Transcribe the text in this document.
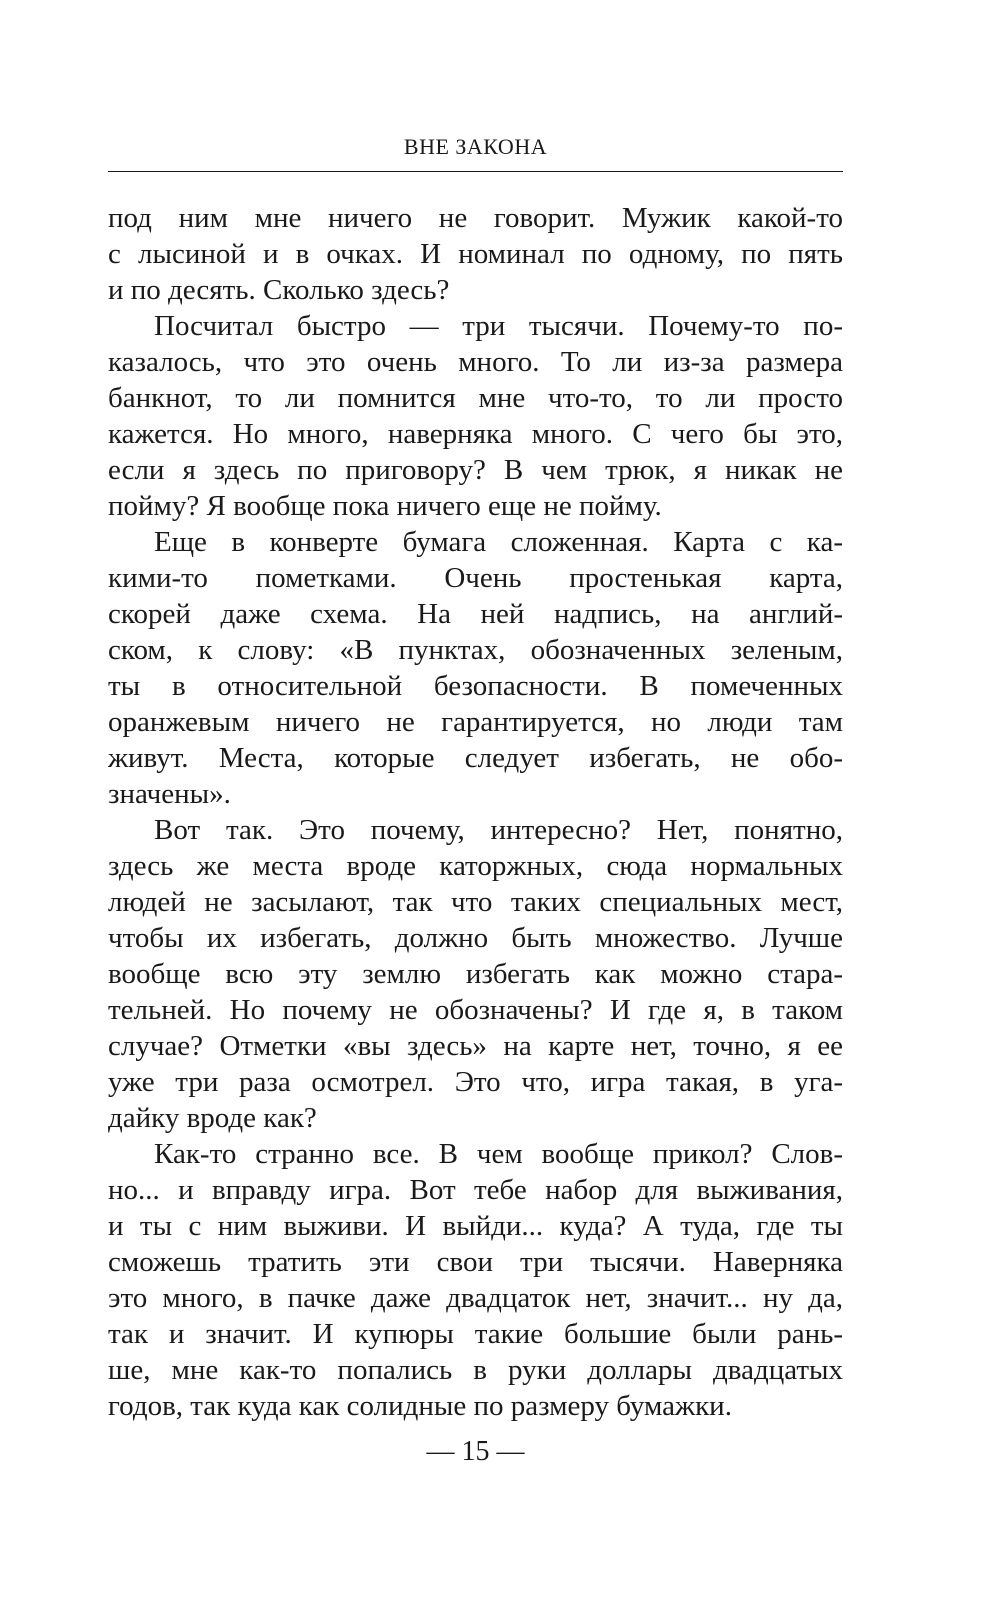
ВНЕ ЗАКОНА
под ним мне ничего не говорит. Мужик какой-то
с лысиной и в очках. И номинал по одному, по пять
и по десять. Сколько здесь?
Посчитал быстро — три тысячи. Почему-то по-
казалось, что это очень много. То ли из-за размера
банкнот, то ли помнится мне что-то, то ли просто
кажется. Но много, наверняка много. С чего бы это,
если я здесь по приговору? В чем трюк, я никак не
пойму? Я вообще пока ничего еще не пойму.
Еще в конверте бумага сложенная. Карта с ка-
кими-то пометками. Очень простенькая карта,
скорей даже схема. На ней надпись, на англий-
ском, к слову: «В пунктах, обозначенных зеленым,
ты в относительной безопасности. В помеченных
оранжевым ничего не гарантируется, но люди там
живут. Места, которые следует избегать, не обо-
значены».
Вот так. Это почему, интересно? Нет, понятно,
здесь же места вроде каторжных, сюда нормальных
людей не засылают, так что таких специальных мест,
чтобы их избегать, должно быть множество. Лучше
вообще всю эту землю избегать как можно стара-
тельней. Но почему не обозначены? И где я, в таком
случае? Отметки «вы здесь» на карте нет, точно, я ее
уже три раза осмотрел. Это что, игра такая, в уга-
дайку вроде как?
Как-то странно все. В чем вообще прикол? Слов-
но... и вправду игра. Вот тебе набор для выживания,
и ты с ним выживи. И выйди... куда? А туда, где ты
сможешь тратить эти свои три тысячи. Наверняка
это много, в пачке даже двадцаток нет, значит... ну да,
так и значит. И купюры такие большие были рань-
ше, мне как-то попались в руки доллары двадцатых
годов, так куда как солидные по размеру бумажки.
— 15 —
